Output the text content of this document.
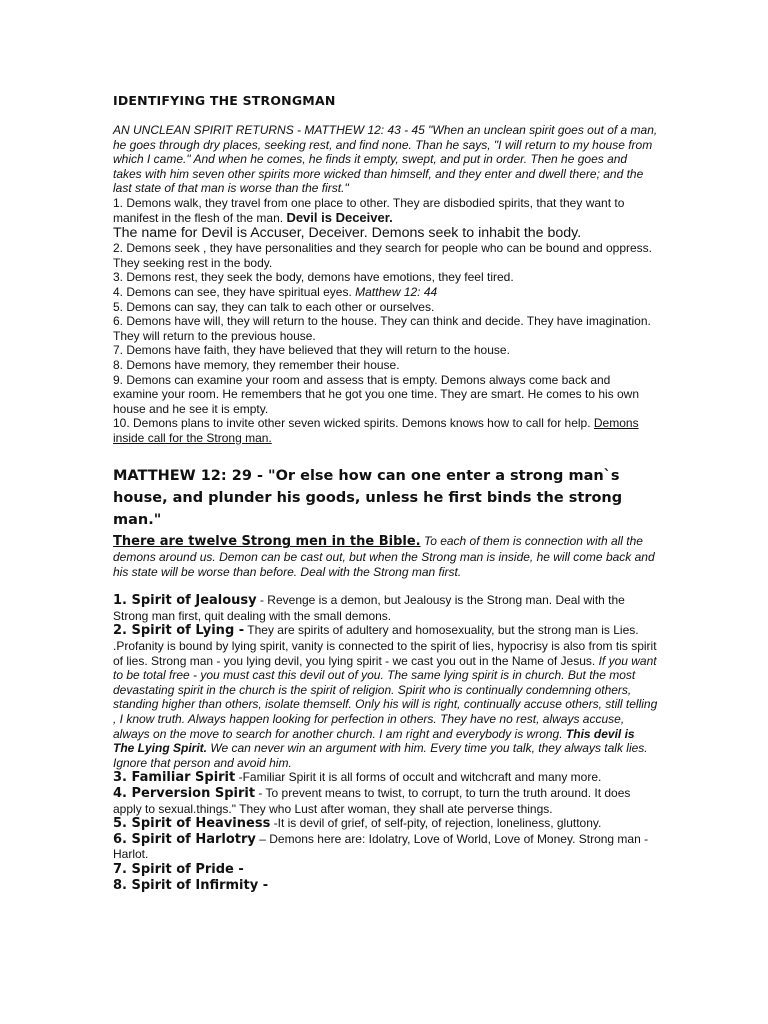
IDENTIFYING THE STRONGMAN

AN UNCLEAN SPIRIT RETURNS - MATTHEW 12: 43 - 45 "When an unclean spirit goes out of a man, he goes through dry places, seeking rest, and find none. Than he says, "I will return to my house from which I came." And when he comes, he finds it empty, swept, and put in order. Then he goes and takes with him seven other spirits more wicked than himself, and they enter and dwell there; and the last state of that man is worse than the first."

1. Demons walk, they travel from one place to other. They are disbodied spirits, that they want to manifest in the flesh of the man. Devil is Deceiver.

The name for Devil is Accuser, Deceiver. Demons seek to inhabit the body.

2. Demons seek , they have personalities and they search for people who can be bound and oppress. They seeking rest in the body.

3. Demons rest, they seek the body, demons have emotions, they feel tired.

4. Demons can see, they have spiritual eyes. Matthew 12: 44

5. Demons can say, they can talk to each other or ourselves.

6. Demons have will, they will return to the house. They can think and decide. They have imagination. They will return to the previous house.

7. Demons have faith, they have believed that they will return to the house.

8. Demons have memory, they remember their house.

9. Demons can examine your room and assess that is empty. Demons always come back and examine your room. He remembers that he got you one time. They are smart. He comes to his own house and he see it is empty.

10. Demons plans to invite other seven wicked spirits. Demons knows how to call for help. Demons inside call for the Strong man.

MATTHEW 12: 29 - "Or else how can one enter a strong man`s house, and plunder his goods, unless he first binds the strong man."

There are twelve Strong men in the Bible. To each of them is connection with all the demons around us. Demon can be cast out, but when the Strong man is inside, he will come back and his state will be worse than before. Deal with the Strong man first.

1. Spirit of Jealousy - Revenge is a demon, but Jealousy is the Strong man. Deal with the Strong man first, quit dealing with the small demons.

2. Spirit of Lying - They are spirits of adultery and homosexuality, but the strong man is Lies. .Profanity is bound by lying spirit, vanity is connected to the spirit of lies, hypocrisy is also from tis spirit of lies. Strong man - you lying devil, you lying spirit - we cast you out in the Name of Jesus. If you want to be total free - you must cast this devil out of you. The same lying spirit is in church. But the most devastating spirit in the church is the spirit of religion. Spirit who is continually condemning others, standing higher than others, isolate themself. Only his will is right, continually accuse others, still telling , I know truth. Always happen looking for perfection in others. They have no rest, always accuse, always on the move to search for another church. I am right and everybody is wrong. This devil is The Lying Spirit. We can never win an argument with him. Every time you talk, they always talk lies. Ignore that person and avoid him.

3. Familiar Spirit -Familiar Spirit it is all forms of occult and witchcraft and many more.

4. Perversion Spirit - To prevent means to twist, to corrupt, to turn the truth around. It does apply to sexual.things." They who Lust after woman, they shall ate perverse things.

5. Spirit of Heaviness -It is devil of grief, of self-pity, of rejection, loneliness, gluttony.

6. Spirit of Harlotry – Demons here are: Idolatry, Love of World, Love of Money. Strong man - Harlot.

7. Spirit of Pride -

8. Spirit of Infirmity -
